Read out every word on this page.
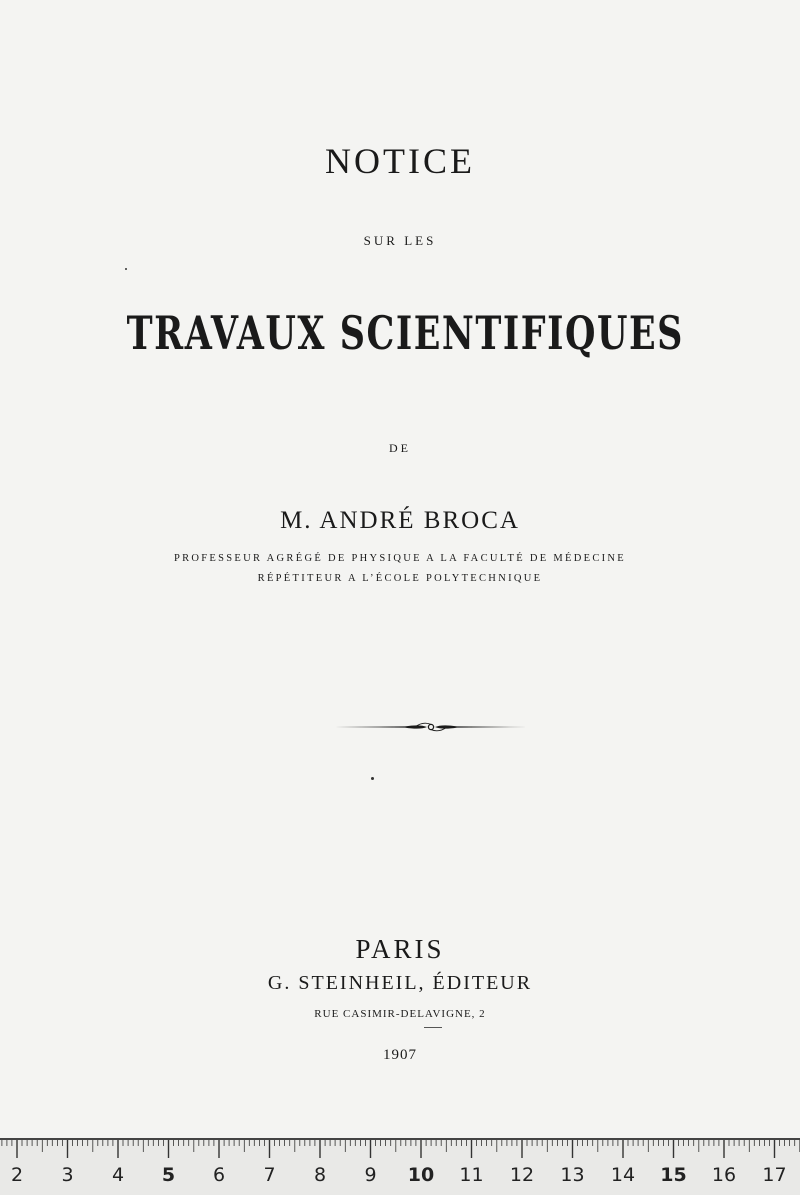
NOTICE
SUR LES
TRAVAUX SCIENTIFIQUES
DE
M. ANDRÉ BROCA
PROFESSEUR AGRÉGÉ DE PHYSIQUE A LA FACULTÉ DE MÉDECINE
RÉPÉTITEUR A L’ÉCOLE POLYTECHNIQUE
PARIS
G. STEINHEIL, ÉDITEUR
RUE CASIMIR-DELAVIGNE, 2
1907
2	3	4	5	6	7	8	9	10 11 12 13 14 15 16 17
